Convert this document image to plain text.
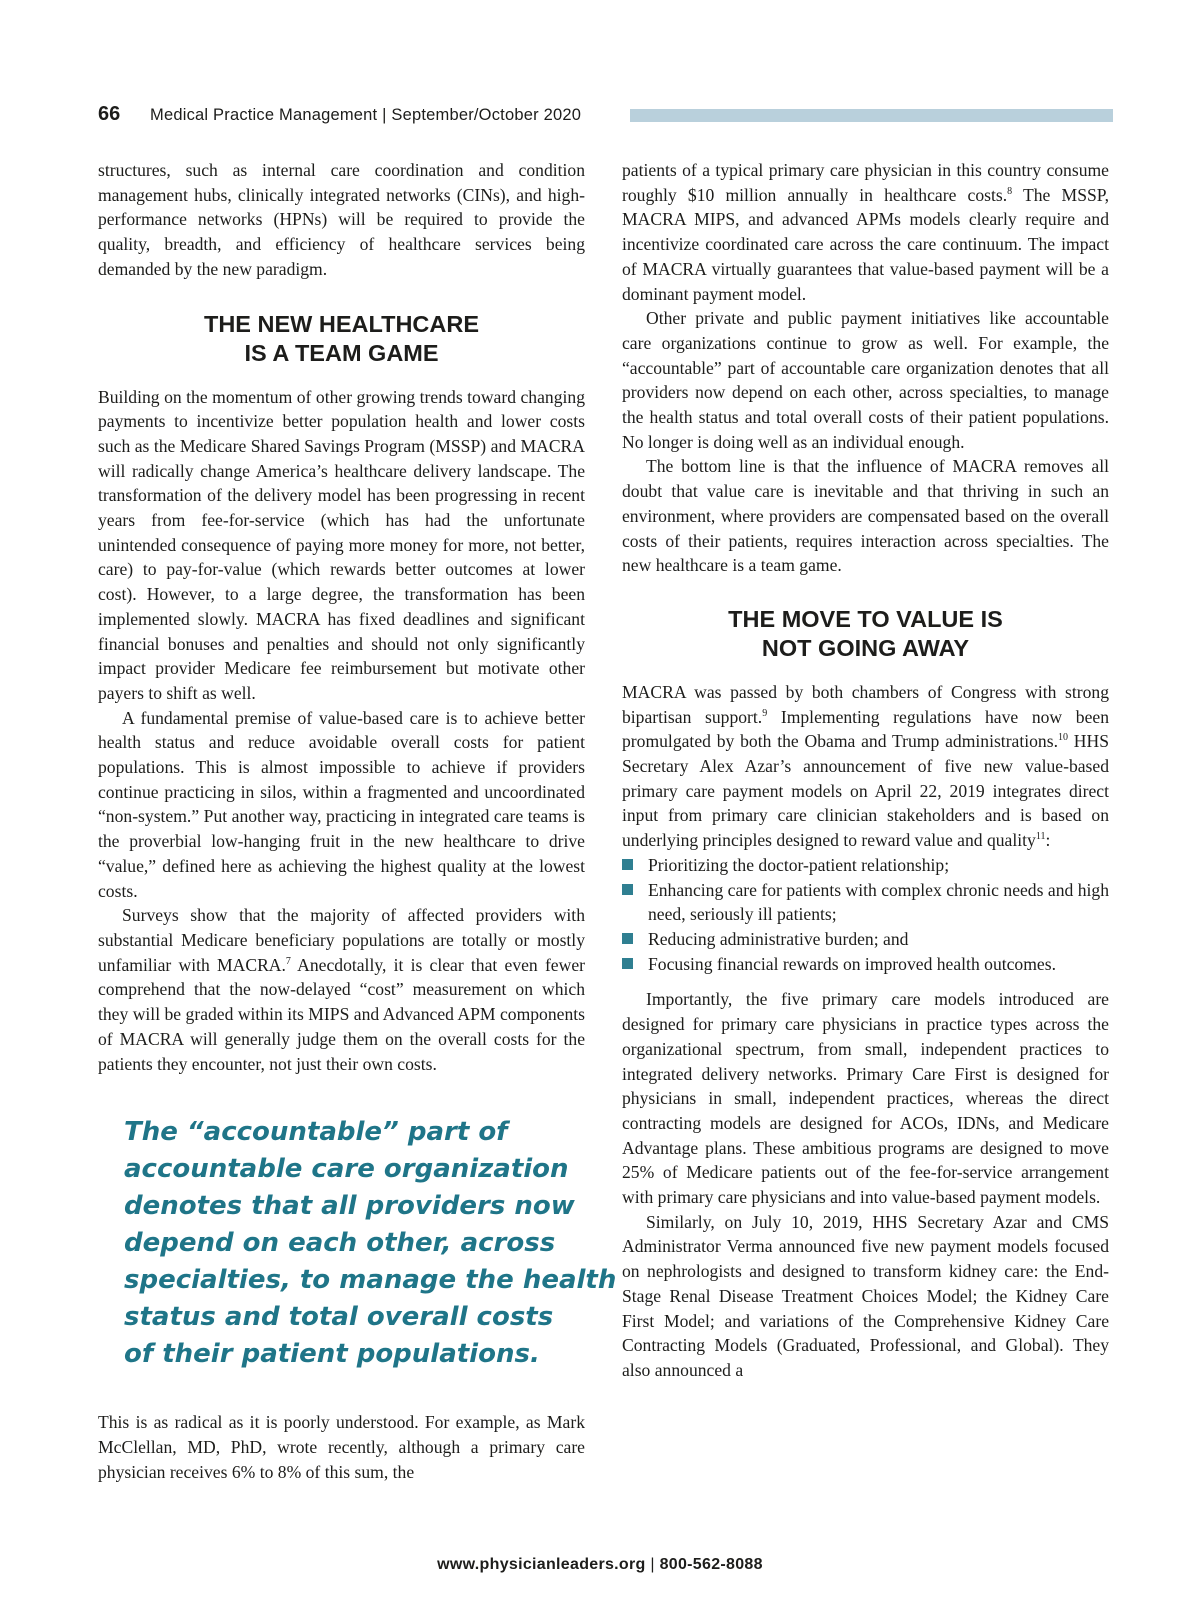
66 Medical Practice Management | September/October 2020

structures, such as internal care coordination and condition management hubs, clinically integrated networks (CINs), and high-performance networks (HPNs) will be required to provide the quality, breadth, and efficiency of healthcare services being demanded by the new paradigm.

THE NEW HEALTHCARE
IS A TEAM GAME

Building on the momentum of other growing trends toward changing payments to incentivize better population health and lower costs such as the Medicare Shared Savings Program (MSSP) and MACRA will radically change America’s healthcare delivery landscape. The transformation of the delivery model has been progressing in recent years from fee-for-service (which has had the unfortunate unintended consequence of paying more money for more, not better, care) to pay-for-value (which rewards better outcomes at lower cost). However, to a large degree, the transformation has been implemented slowly. MACRA has fixed deadlines and significant financial bonuses and penalties and should not only significantly impact provider Medicare fee reimbursement but motivate other payers to shift as well.

A fundamental premise of value-based care is to achieve better health status and reduce avoidable overall costs for patient populations. This is almost impossible to achieve if providers continue practicing in silos, within a fragmented and uncoordinated “non-system.” Put another way, practicing in integrated care teams is the proverbial low-hanging fruit in the new healthcare to drive “value,” defined here as achieving the highest quality at the lowest costs.

Surveys show that the majority of affected providers with substantial Medicare beneficiary populations are totally or mostly unfamiliar with MACRA.$^7$ Anecdotally, it is clear that even fewer comprehend that the now-delayed “cost” measurement on which they will be graded within its MIPS and Advanced APM components of MACRA will generally judge them on the overall costs for the patients they encounter, not just their own costs.

The “accountable” part of
accountable care organization
denotes that all providers now
depend on each other, across
specialties, to manage the health
status and total overall costs
of their patient populations.

This is as radical as it is poorly understood. For example, as Mark McClellan, MD, PhD, wrote recently, although a primary care physician receives 6% to 8% of this sum, the

patients of a typical primary care physician in this country consume roughly $10 million annually in healthcare costs.$^8$ The MSSP, MACRA MIPS, and advanced APMs models clearly require and incentivize coordinated care across the care continuum. The impact of MACRA virtually guarantees that value-based payment will be a dominant payment model.

Other private and public payment initiatives like accountable care organizations continue to grow as well. For example, the “accountable” part of accountable care organization denotes that all providers now depend on each other, across specialties, to manage the health status and total overall costs of their patient populations. No longer is doing well as an individual enough.

The bottom line is that the influence of MACRA removes all doubt that value care is inevitable and that thriving in such an environment, where providers are compensated based on the overall costs of their patients, requires interaction across specialties. The new healthcare is a team game.

THE MOVE TO VALUE IS
NOT GOING AWAY

MACRA was passed by both chambers of Congress with strong bipartisan support.$^9$ Implementing regulations have now been promulgated by both the Obama and Trump administrations.$^{10}$ HHS Secretary Alex Azar’s announcement of five new value-based primary care payment models on April 22, 2019 integrates direct input from primary care clinician stakeholders and is based on underlying principles designed to reward value and quality$^{11}$:

Prioritizing the doctor-patient relationship;
Enhancing care for patients with complex chronic needs and high need, seriously ill patients;
Reducing administrative burden; and
Focusing financial rewards on improved health outcomes.

Importantly, the five primary care models introduced are designed for primary care physicians in practice types across the organizational spectrum, from small, independent practices to integrated delivery networks. Primary Care First is designed for physicians in small, independent practices, whereas the direct contracting models are designed for ACOs, IDNs, and Medicare Advantage plans. These ambitious programs are designed to move 25% of Medicare patients out of the fee-for-service arrangement with primary care physicians and into value-based payment models.

Similarly, on July 10, 2019, HHS Secretary Azar and CMS Administrator Verma announced five new payment models focused on nephrologists and designed to transform kidney care: the End-Stage Renal Disease Treatment Choices Model; the Kidney Care First Model; and variations of the Comprehensive Kidney Care Contracting Models (Graduated, Professional, and Global). They also announced a

www.physicianleaders.org | 800-562-8088
